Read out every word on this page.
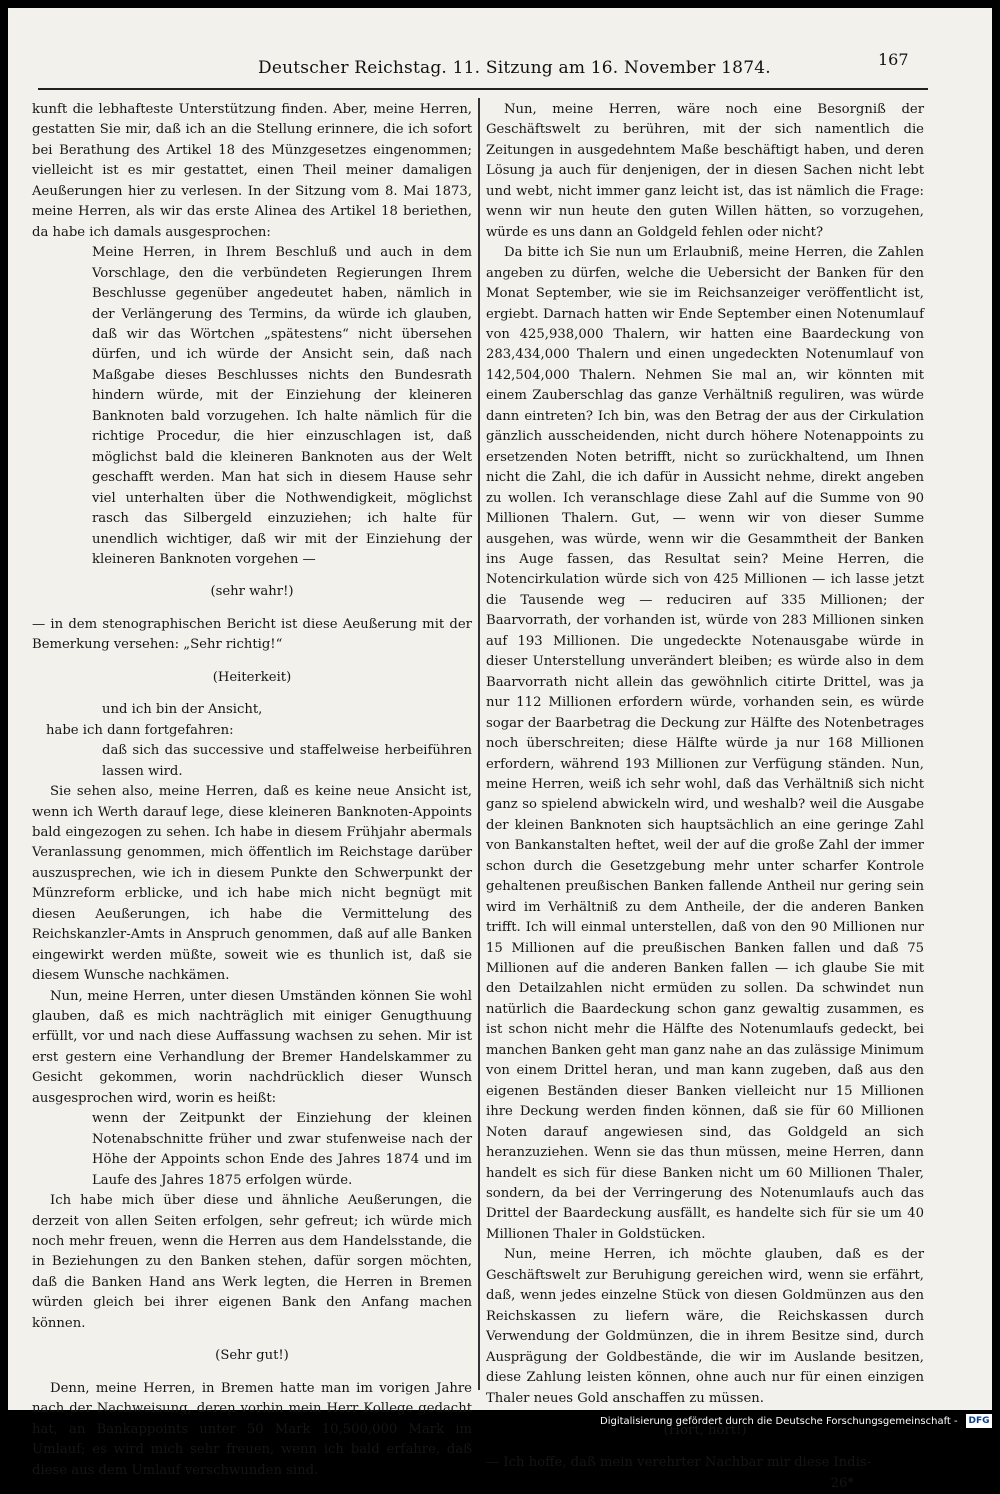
Deutscher Reichstag. 11. Sitzung am 16. November 1874.	167

kunft die lebhafteste Unterstützung finden. Aber, meine Herren, gestatten Sie mir, daß ich an die Stellung erinnere, die ich sofort bei Berathung des Artikel 18 des Münzgesetzes eingenommen; vielleicht ist es mir gestattet, einen Theil meiner damaligen Aeußerungen hier zu verlesen. In der Sitzung vom 8. Mai 1873, meine Herren, als wir das erste Alinea des Artikel 18 beriethen, da habe ich damals ausgesprochen:

Meine Herren, in Ihrem Beschluß und auch in dem Vorschlage, den die verbündeten Regierungen Ihrem Beschlusse gegenüber angedeutet haben, nämlich in der Verlängerung des Termins, da würde ich glauben, daß wir das Wörtchen „spätestens“ nicht übersehen dürfen, und ich würde der Ansicht sein, daß nach Maßgabe dieses Beschlusses nichts den Bundesrath hindern würde, mit der Einziehung der kleineren Banknoten bald vorzugehen. Ich halte nämlich für die richtige Procedur, die hier einzuschlagen ist, daß möglichst bald die kleineren Banknoten aus der Welt geschafft werden. Man hat sich in diesem Hause sehr viel unterhalten über die Nothwendigkeit, möglichst rasch das Silbergeld einzuziehen; ich halte für unendlich wichtiger, daß wir mit der Einziehung der kleineren Banknoten vorgehen —

(sehr wahr!)

— in dem stenographischen Bericht ist diese Aeußerung mit der Bemerkung versehen: „Sehr richtig!“

(Heiterkeit)

und ich bin der Ansicht,

habe ich dann fortgefahren:

daß sich das successive und staffelweise herbeiführen lassen wird.

Sie sehen also, meine Herren, daß es keine neue Ansicht ist, wenn ich Werth darauf lege, diese kleineren Banknoten-Appoints bald eingezogen zu sehen. Ich habe in diesem Frühjahr abermals Veranlassung genommen, mich öffentlich im Reichstage darüber auszusprechen, wie ich in diesem Punkte den Schwerpunkt der Münzreform erblicke, und ich habe mich nicht begnügt mit diesen Aeußerungen, ich habe die Vermittelung des Reichskanzler-Amts in Anspruch genommen, daß auf alle Banken eingewirkt werden müßte, soweit wie es thunlich ist, daß sie diesem Wunsche nachkämen.

Nun, meine Herren, unter diesen Umständen können Sie wohl glauben, daß es mich nachträglich mit einiger Genugthuung erfüllt, vor und nach diese Auffassung wachsen zu sehen. Mir ist erst gestern eine Verhandlung der Bremer Handelskammer zu Gesicht gekommen, worin nachdrücklich dieser Wunsch ausgesprochen wird, worin es heißt:

wenn der Zeitpunkt der Einziehung der kleinen Notenabschnitte früher und zwar stufenweise nach der Höhe der Appoints schon Ende des Jahres 1874 und im Laufe des Jahres 1875 erfolgen würde.

Ich habe mich über diese und ähnliche Aeußerungen, die derzeit von allen Seiten erfolgen, sehr gefreut; ich würde mich noch mehr freuen, wenn die Herren aus dem Handelsstande, die in Beziehungen zu den Banken stehen, dafür sorgen möchten, daß die Banken Hand ans Werk legten, die Herren in Bremen würden gleich bei ihrer eigenen Bank den Anfang machen können.

(Sehr gut!)

Denn, meine Herren, in Bremen hatte man im vorigen Jahre nach der Nachweisung, deren vorhin mein Herr Kollege gedacht hat, an Bankappoints unter 50 Mark 10,500,000 Mark im Umlauf; es wird mich sehr freuen, wenn ich bald erfahre, daß diese aus dem Umlauf verschwunden sind.

Nun, meine Herren, wäre noch eine Besorgniß der Geschäftswelt zu berühren, mit der sich namentlich die Zeitungen in ausgedehntem Maße beschäftigt haben, und deren Lösung ja auch für denjenigen, der in diesen Sachen nicht lebt und webt, nicht immer ganz leicht ist, das ist nämlich die Frage: wenn wir nun heute den guten Willen hätten, so vorzugehen, würde es uns dann an Goldgeld fehlen oder nicht?

Da bitte ich Sie nun um Erlaubniß, meine Herren, die Zahlen angeben zu dürfen, welche die Uebersicht der Banken für den Monat September, wie sie im Reichsanzeiger veröffentlicht ist, ergiebt. Darnach hatten wir Ende September einen Notenumlauf von 425,938,000 Thalern, wir hatten eine Baardeckung von 283,434,000 Thalern und einen ungedeckten Notenumlauf von 142,504,000 Thalern. Nehmen Sie mal an, wir könnten mit einem Zauberschlag das ganze Verhältniß reguliren, was würde dann eintreten? Ich bin, was den Betrag der aus der Cirkulation gänzlich ausscheidenden, nicht durch höhere Notenappoints zu ersetzenden Noten betrifft, nicht so zurückhaltend, um Ihnen nicht die Zahl, die ich dafür in Aussicht nehme, direkt angeben zu wollen. Ich veranschlage diese Zahl auf die Summe von 90 Millionen Thalern. Gut, — wenn wir von dieser Summe ausgehen, was würde, wenn wir die Gesammtheit der Banken ins Auge fassen, das Resultat sein? Meine Herren, die Notencirkulation würde sich von 425 Millionen — ich lasse jetzt die Tausende weg — reduciren auf 335 Millionen; der Baarvorrath, der vorhanden ist, würde von 283 Millionen sinken auf 193 Millionen. Die ungedeckte Notenausgabe würde in dieser Unterstellung unverändert bleiben; es würde also in dem Baarvorrath nicht allein das gewöhnlich citirte Drittel, was ja nur 112 Millionen erfordern würde, vorhanden sein, es würde sogar der Baarbetrag die Deckung zur Hälfte des Notenbetrages noch überschreiten; diese Hälfte würde ja nur 168 Millionen erfordern, während 193 Millionen zur Verfügung ständen. Nun, meine Herren, weiß ich sehr wohl, daß das Verhältniß sich nicht ganz so spielend abwickeln wird, und weshalb? weil die Ausgabe der kleinen Banknoten sich hauptsächlich an eine geringe Zahl von Bankanstalten heftet, weil der auf die große Zahl der immer schon durch die Gesetzgebung mehr unter scharfer Kontrole gehaltenen preußischen Banken fallende Antheil nur gering sein wird im Verhältniß zu dem Antheile, der die anderen Banken trifft. Ich will einmal unterstellen, daß von den 90 Millionen nur 15 Millionen auf die preußischen Banken fallen und daß 75 Millionen auf die anderen Banken fallen — ich glaube Sie mit den Detailzahlen nicht ermüden zu sollen. Da schwindet nun natürlich die Baardeckung schon ganz gewaltig zusammen, es ist schon nicht mehr die Hälfte des Notenumlaufs gedeckt, bei manchen Banken geht man ganz nahe an das zulässige Minimum von einem Drittel heran, und man kann zugeben, daß aus den eigenen Beständen dieser Banken vielleicht nur 15 Millionen ihre Deckung werden finden können, daß sie für 60 Millionen Noten darauf angewiesen sind, das Goldgeld an sich heranzuziehen. Wenn sie das thun müssen, meine Herren, dann handelt es sich für diese Banken nicht um 60 Millionen Thaler, sondern, da bei der Verringerung des Notenumlaufs auch das Drittel der Baardeckung ausfällt, es handelte sich für sie um 40 Millionen Thaler in Goldstücken.

Nun, meine Herren, ich möchte glauben, daß es der Geschäftswelt zur Beruhigung gereichen wird, wenn sie erfährt, daß, wenn jedes einzelne Stück von diesen Goldmünzen aus den Reichskassen zu liefern wäre, die Reichskassen durch Verwendung der Goldmünzen, die in ihrem Besitze sind, durch Ausprägung der Goldbestände, die wir im Auslande besitzen, diese Zahlung leisten können, ohne auch nur für einen einzigen Thaler neues Gold anschaffen zu müssen.

(Hört, hört!)

— Ich hoffe, daß mein verehrter Nachbar mir diese Indis-

26*

Digitalisierung gefördert durch die Deutsche Forschungsgemeinschaft - DFG
